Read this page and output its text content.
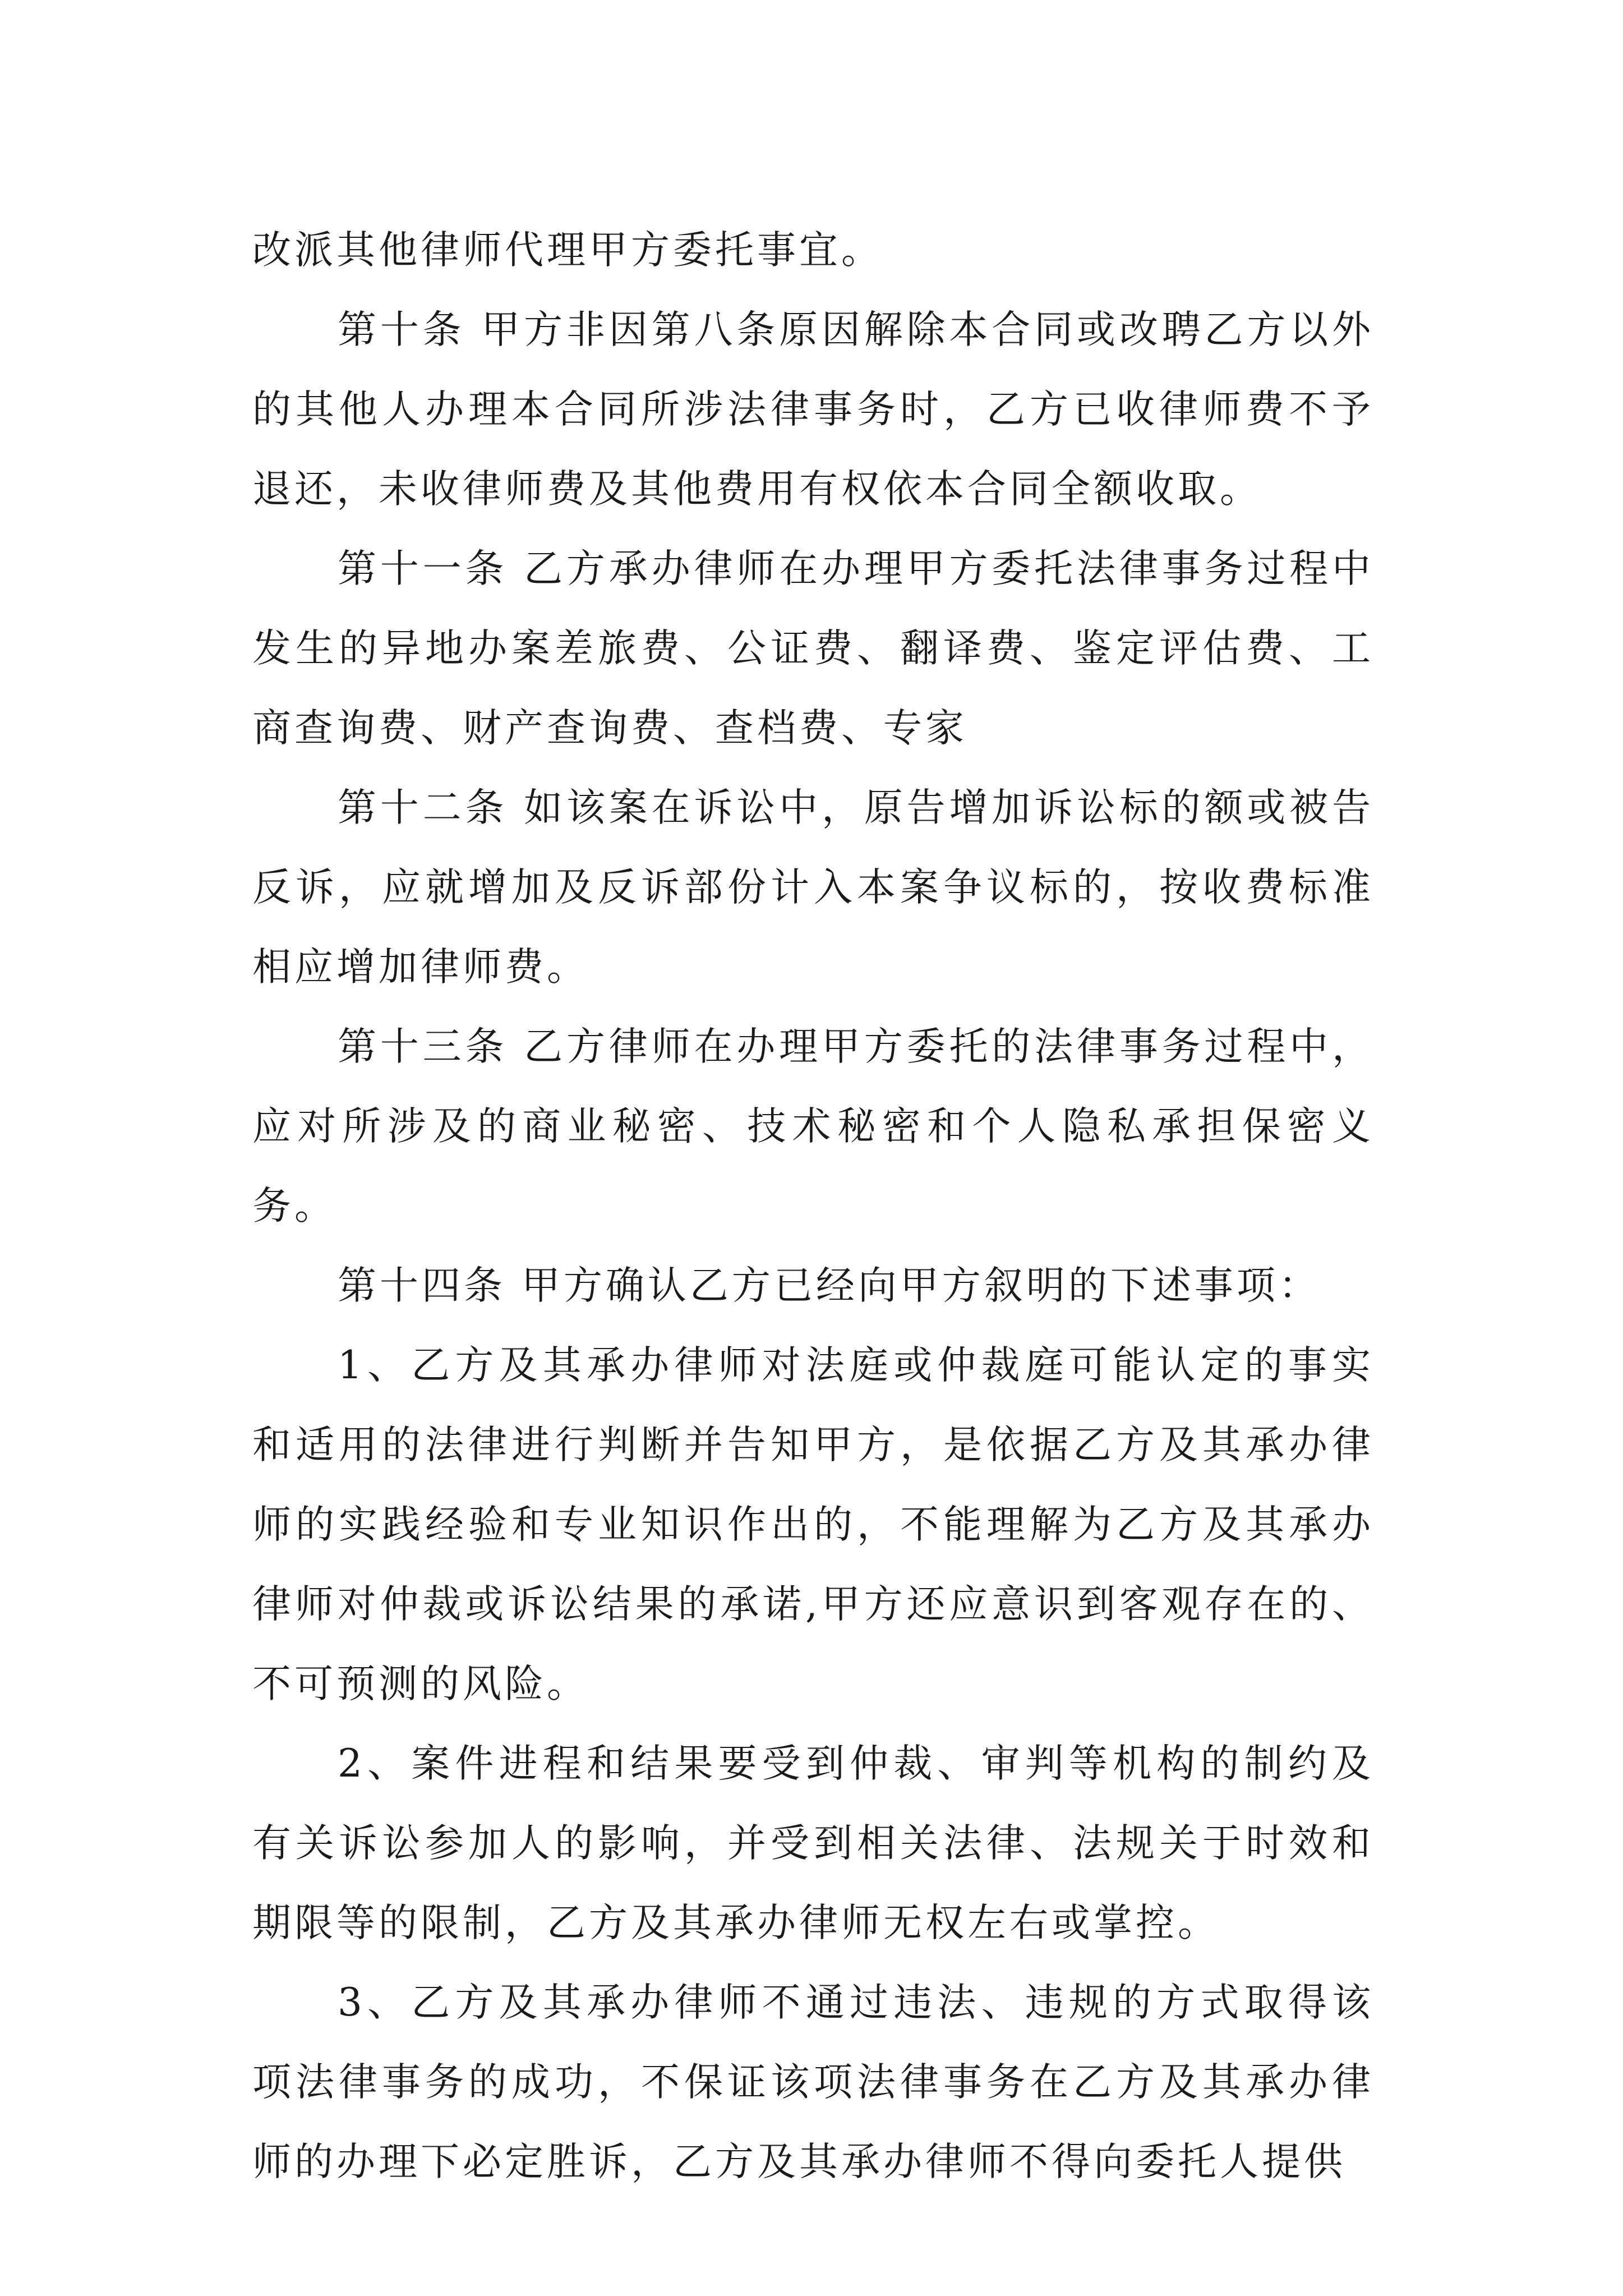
改派其他律师代理甲方委托事宜。

第十条 甲方非因第八条原因解除本合同或改聘乙方以外的其他人办理本合同所涉法律事务时，乙方已收律师费不予退还，未收律师费及其他费用有权依本合同全额收取。

第十一条 乙方承办律师在办理甲方委托法律事务过程中发生的异地办案差旅费、公证费、翻译费、鉴定评估费、工商查询费、财产查询费、查档费、专家

第十二条 如该案在诉讼中，原告增加诉讼标的额或被告反诉，应就增加及反诉部份计入本案争议标的，按收费标准相应增加律师费。

第十三条 乙方律师在办理甲方委托的法律事务过程中，应对所涉及的商业秘密、技术秘密和个人隐私承担保密义务。

第十四条 甲方确认乙方已经向甲方叙明的下述事项：

1、乙方及其承办律师对法庭或仲裁庭可能认定的事实和适用的法律进行判断并告知甲方，是依据乙方及其承办律师的实践经验和专业知识作出的，不能理解为乙方及其承办律师对仲裁或诉讼结果的承诺,甲方还应意识到客观存在的、不可预测的风险。

2、案件进程和结果要受到仲裁、审判等机构的制约及有关诉讼参加人的影响，并受到相关法律、法规关于时效和期限等的限制，乙方及其承办律师无权左右或掌控。

3、乙方及其承办律师不通过违法、违规的方式取得该项法律事务的成功，不保证该项法律事务在乙方及其承办律师的办理下必定胜诉，乙方及其承办律师不得向委托人提供
